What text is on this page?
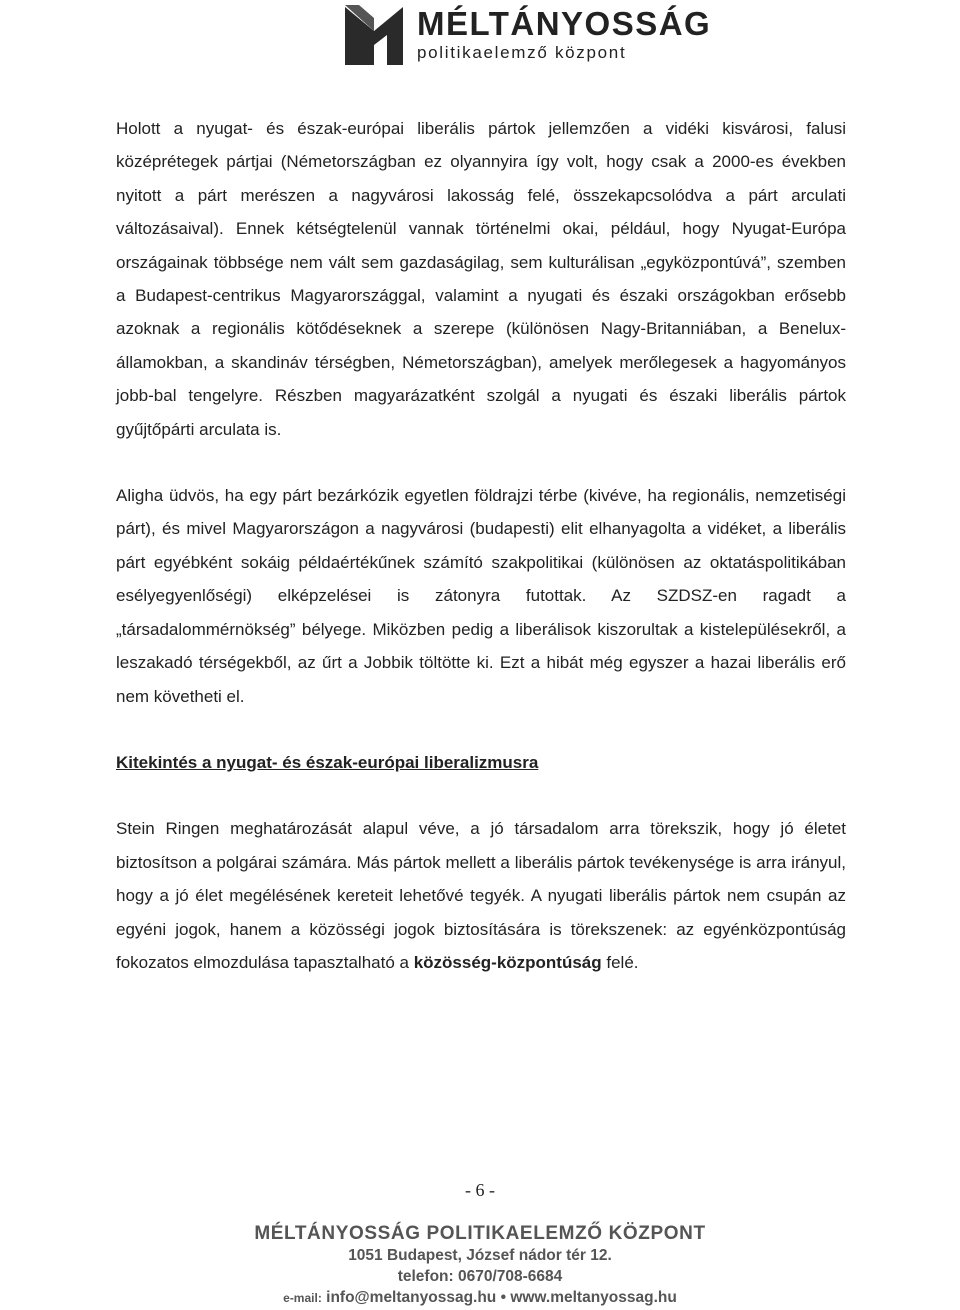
MÉLTÁNYOSSÁG
politikaelemző központ

Holott a nyugat- és észak-európai liberális pártok jellemzően a vidéki kisvárosi, falusi középrétegek pártjai (Németországban ez olyannyira így volt, hogy csak a 2000-es években nyitott a párt merészen a nagyvárosi lakosság felé, összekapcsolódva a párt arculati változásaival). Ennek kétségtelenül vannak történelmi okai, például, hogy Nyugat-Európa országainak többsége nem vált sem gazdaságilag, sem kulturálisan „egyközpontúvá”, szemben a Budapest-centrikus Magyarországgal, valamint a nyugati és északi országokban erősebb azoknak a regionális kötődéseknek a szerepe (különösen Nagy-Britanniában, a Benelux-államokban, a skandináv térségben, Németországban), amelyek merőlegesek a hagyományos jobb-bal tengelyre. Részben magyarázatként szolgál a nyugati és északi liberális pártok gyűjtőpárti arculata is.

Aligha üdvös, ha egy párt bezárkózik egyetlen földrajzi térbe (kivéve, ha regionális, nemzetiségi párt), és mivel Magyarországon a nagyvárosi (budapesti) elit elhanyagolta a vidéket, a liberális párt egyébként sokáig példaértékűnek számító szakpolitikai (különösen az oktatáspolitikában esélyegyenlőségi) elképzelései is zátonyra futottak. Az SZDSZ-en ragadt a „társadalommérnökség” bélyege. Miközben pedig a liberálisok kiszorultak a kistelepülésekről, a leszakadó térségekből, az űrt a Jobbik töltötte ki. Ezt a hibát még egyszer a hazai liberális erő nem követheti el.

Kitekintés a nyugat- és észak-európai liberalizmusra

Stein Ringen meghatározását alapul véve, a jó társadalom arra törekszik, hogy jó életet biztosítson a polgárai számára. Más pártok mellett a liberális pártok tevékenysége is arra irányul, hogy a jó élet megélésének kereteit lehetővé tegyék. A nyugati liberális pártok nem csupán az egyéni jogok, hanem a közösségi jogok biztosítására is törekszenek: az egyénközpontúság fokozatos elmozdulása tapasztalható a közösség-központúság felé.

- 6 -
MÉLTÁNYOSSÁG POLITIKAELEMZŐ KÖZPONT
1051 Budapest, József nádor tér 12.
telefon: 0670/708-6684
e-mail: info@meltanyossag.hu • www.meltanyossag.hu
